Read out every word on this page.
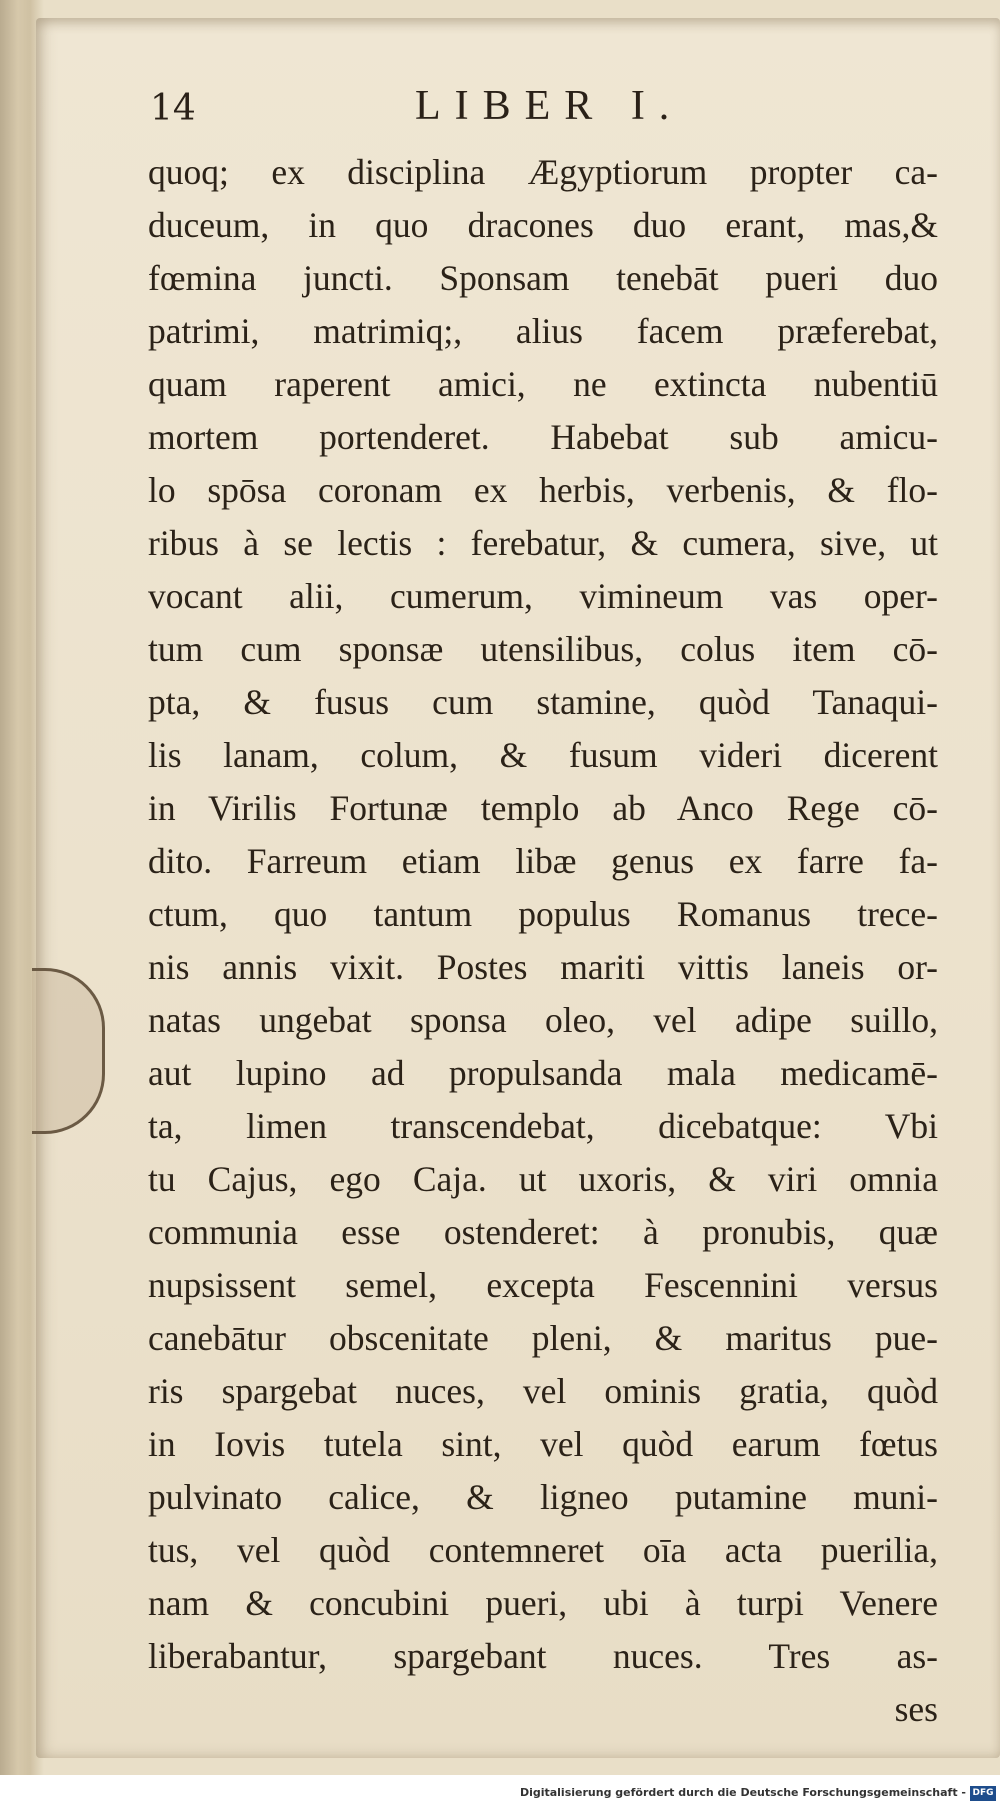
14	LIBER I.
quoq; ex disciplina Ægyptiorum propter ca-
duceum, in quo dracones duo erant, mas,&
fœmina juncti. Sponsam tenebāt pueri duo
patrimi, matrimiq;, alius facem præferebat,
quam raperent amici, ne extincta nubentiū
mortem portenderet. Habebat sub amicu-
lo spōsa coronam ex herbis, verbenis, & flo-
ribus à se lectis : ferebatur, & cumera, sive, ut
vocant alii, cumerum, vimineum vas oper-
tum cum sponsæ utensilibus, colus item cō-
pta, & fusus cum stamine, quòd Tanaqui-
lis lanam, colum, & fusum videri dicerent
in Virilis Fortunæ templo ab Anco Rege cō-
dito. Farreum etiam libæ genus ex farre fa-
ctum, quo tantum populus Romanus trece-
nis annis vixit. Postes mariti vittis laneis or-
natas ungebat sponsa oleo, vel adipe suillo,
aut lupino ad propulsanda mala medicamē-
ta, limen transcendebat, dicebatque: Vbi
tu Cajus, ego Caja. ut uxoris, & viri omnia
communia esse ostenderet: à pronubis, quæ
nupsissent semel, excepta Fescennini versus
canebātur obscenitate pleni, & maritus pue-
ris spargebat nuces, vel ominis gratia, quòd
in Iovis tutela sint, vel quòd earum fœtus
pulvinato calice, & ligneo putamine muni-
tus, vel quòd contemneret oīa acta puerilia,
nam & concubini pueri, ubi à turpi Venere
liberabantur, spargebant nuces. Tres as-
ses
Digitalisierung gefördert durch die Deutsche Forschungsgemeinschaft - DFG
